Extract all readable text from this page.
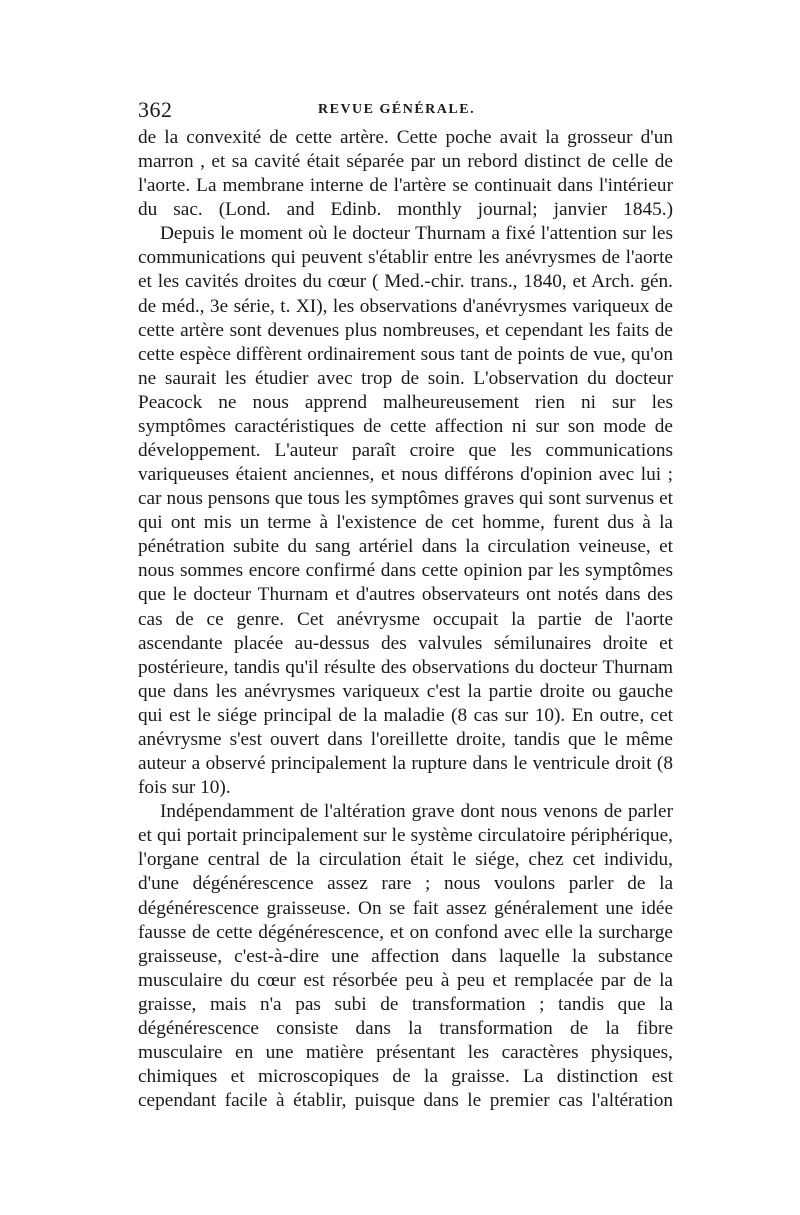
362	REVUE GÉNÉRALE.

de la convexité de cette artère. Cette poche avait la grosseur d'un marron , et sa cavité était séparée par un rebord distinct de celle de l'aorte. La membrane interne de l'artère se continuait dans l'intérieur du sac. (Lond. and Edinb. monthly journal; janvier 1845.)

Depuis le moment où le docteur Thurnam a fixé l'attention sur les communications qui peuvent s'établir entre les anévrysmes de l'aorte et les cavités droites du cœur ( Med.-chir. trans., 1840, et Arch. gén. de méd., 3e série, t. XI), les observations d'anévrysmes variqueux de cette artère sont devenues plus nombreuses, et cependant les faits de cette espèce diffèrent ordinairement sous tant de points de vue, qu'on ne saurait les étudier avec trop de soin. L'observation du docteur Peacock ne nous apprend malheureusement rien ni sur les symptômes caractéristiques de cette affection ni sur son mode de développement. L'auteur paraît croire que les communications variqueuses étaient anciennes, et nous différons d'opinion avec lui ; car nous pensons que tous les symptômes graves qui sont survenus et qui ont mis un terme à l'existence de cet homme, furent dus à la pénétration subite du sang artériel dans la circulation veineuse, et nous sommes encore confirmé dans cette opinion par les symptômes que le docteur Thurnam et d'autres observateurs ont notés dans des cas de ce genre. Cet anévrysme occupait la partie de l'aorte ascendante placée au-dessus des valvules sémilunaires droite et postérieure, tandis qu'il résulte des observations du docteur Thurnam que dans les anévrysmes variqueux c'est la partie droite ou gauche qui est le siége principal de la maladie (8 cas sur 10). En outre, cet anévrysme s'est ouvert dans l'oreillette droite, tandis que le même auteur a observé principalement la rupture dans le ventricule droit (8 fois sur 10).

Indépendamment de l'altération grave dont nous venons de parler et qui portait principalement sur le système circulatoire périphérique, l'organe central de la circulation était le siége, chez cet individu, d'une dégénérescence assez rare ; nous voulons parler de la dégénérescence graisseuse. On se fait assez généralement une idée fausse de cette dégénérescence, et on confond avec elle la surcharge graisseuse, c'est-à-dire une affection dans laquelle la substance musculaire du cœur est résorbée peu à peu et remplacée par de la graisse, mais n'a pas subi de transformation ; tandis que la dégénérescence consiste dans la transformation de la fibre musculaire en une matière présentant les caractères physiques, chimiques et microscopiques de la graisse. La distinction est cependant facile à établir, puisque dans le premier cas l'altération
